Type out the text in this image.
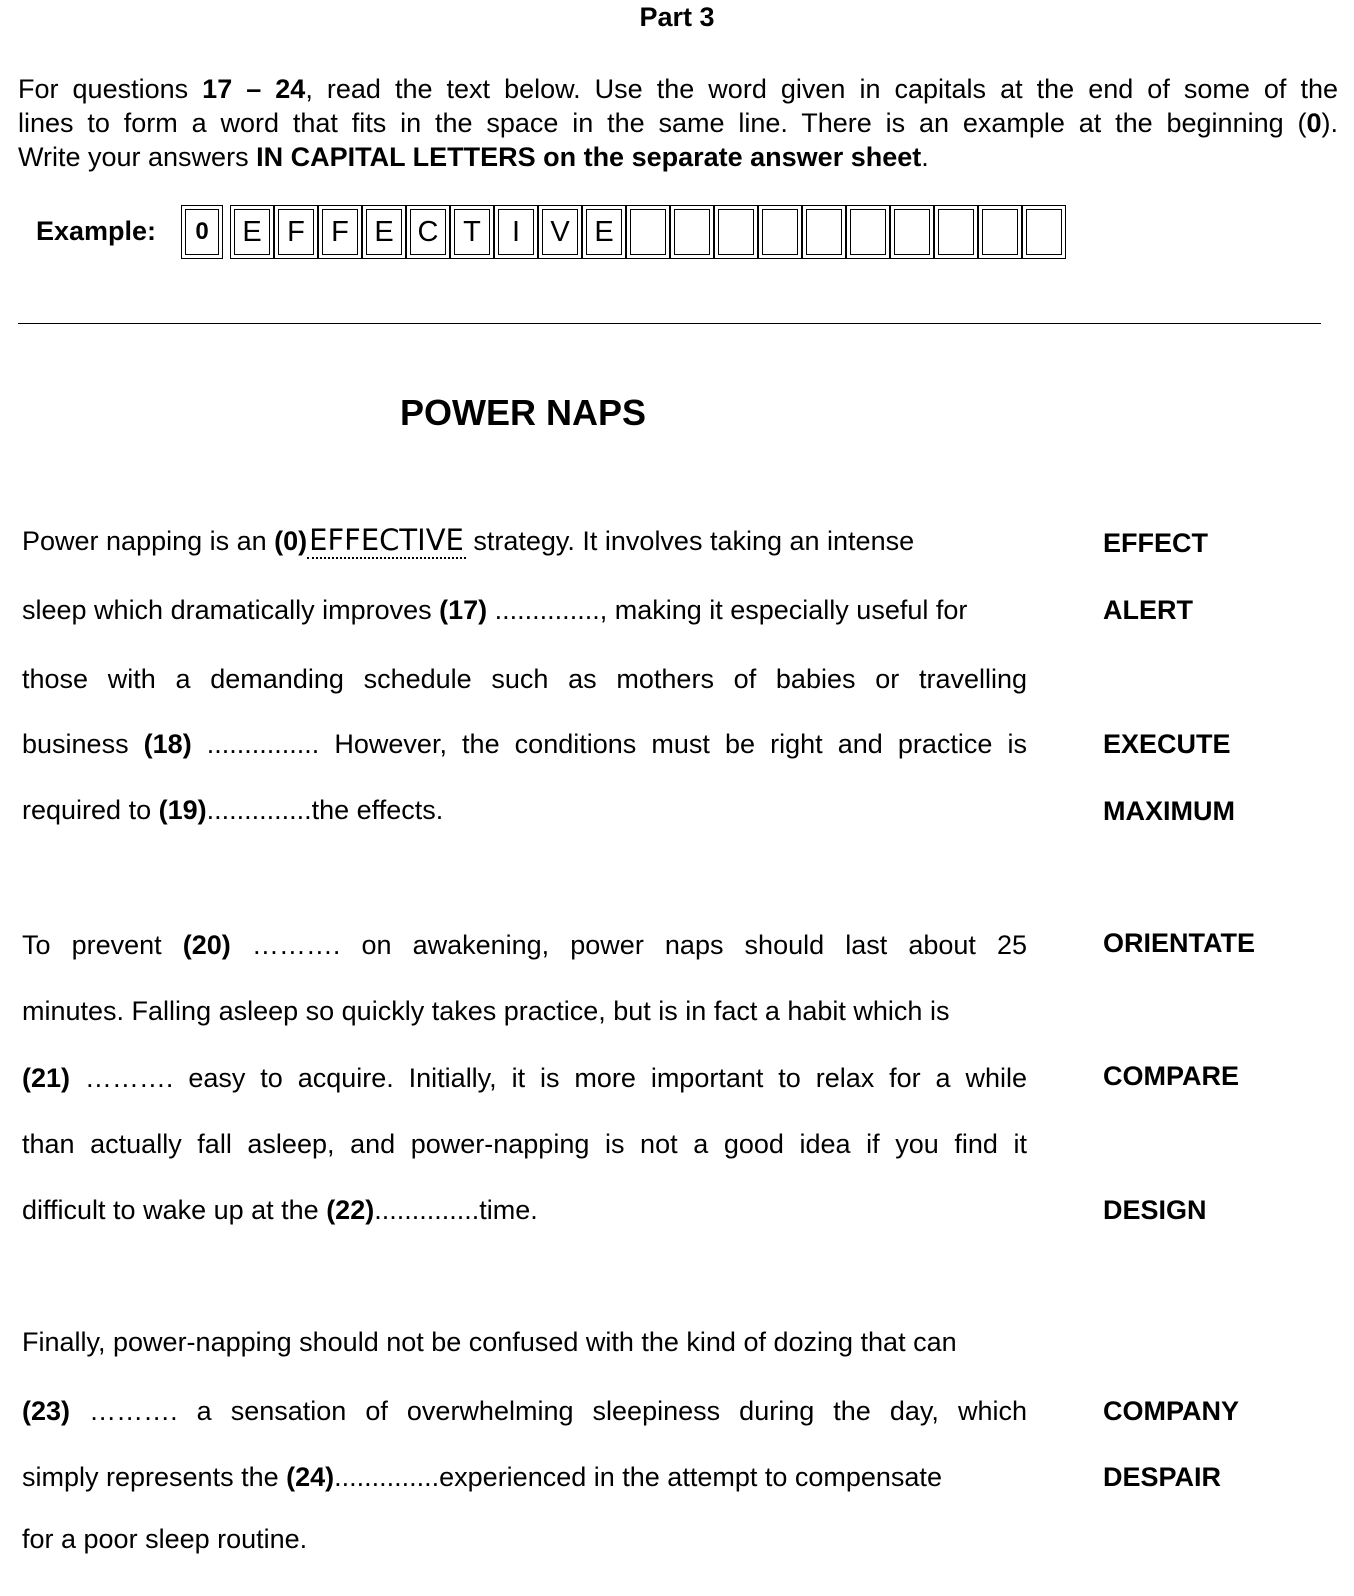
Part 3
For questions 17 – 24, read the text below. Use the word given in capitals at the end of some of the
lines to form a word that fits in the space in the same line. There is an example at the beginning (0).
Write your answers IN CAPITAL LETTERS on the separate answer sheet.
Example:	0	E F F E C T	I	V E
POWER NAPS
Power napping is an (0)EFFECTIVE strategy. It involves taking an intense	EFFECT
sleep which dramatically improves (17) .............., making it especially useful for	ALERT
those with a demanding schedule such as mothers of babies or travelling
business (18) ............... However, the conditions must be right and practice is	EXECUTE
required to (19)..............the effects.	MAXIMUM
To prevent (20) ………. on awakening, power naps should last about 25	ORIENTATE
minutes. Falling asleep so quickly takes practice, but is in fact a habit which is
(21) ………. easy to acquire. Initially, it is more important to relax for a while	COMPARE
than actually fall asleep, and power-napping is not a good idea if you find it
difficult to wake up at the (22)..............time.	DESIGN
Finally, power-napping should not be confused with the kind of dozing that can
(23) ………. a sensation of overwhelming sleepiness during the day, which	COMPANY
simply represents the (24)..............experienced in the attempt to compensate	DESPAIR
for a poor sleep routine.
